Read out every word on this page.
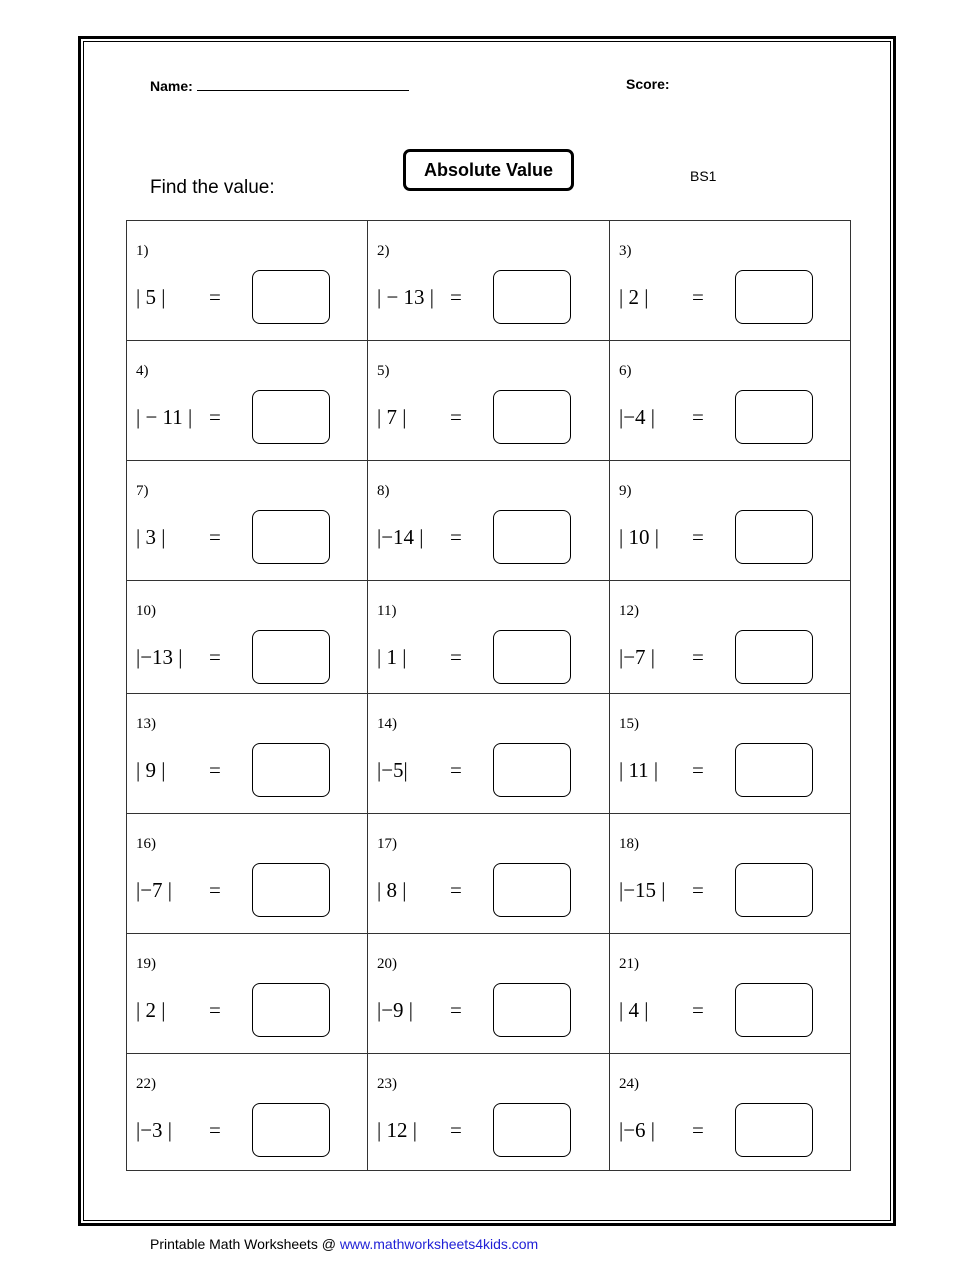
Name:	Score:
Absolute Value	BS1
Find the value:
1)
| 5 | =
2)
| − 13 | =
3)
| 2 | =
4)
| − 11 | =
5)
| 7 | =
6)
|−4 | =
7)
| 3 | =
8)
|−14 | =
9)
| 10 | =
10)
|−13 | =
11)
| 1 | =
12)
|−7 | =
13)
| 9 | =
14)
|−5| =
15)
| 11 | =
16)
|−7 | =
17)
| 8 | =
18)
|−15 | =
19)
| 2 | =
20)
|−9 | =
21)
| 4 | =
22)
|−3 | =
23)
| 12 | =
24)
|−6 | =
Printable Math Worksheets @ www.mathworksheets4kids.com
